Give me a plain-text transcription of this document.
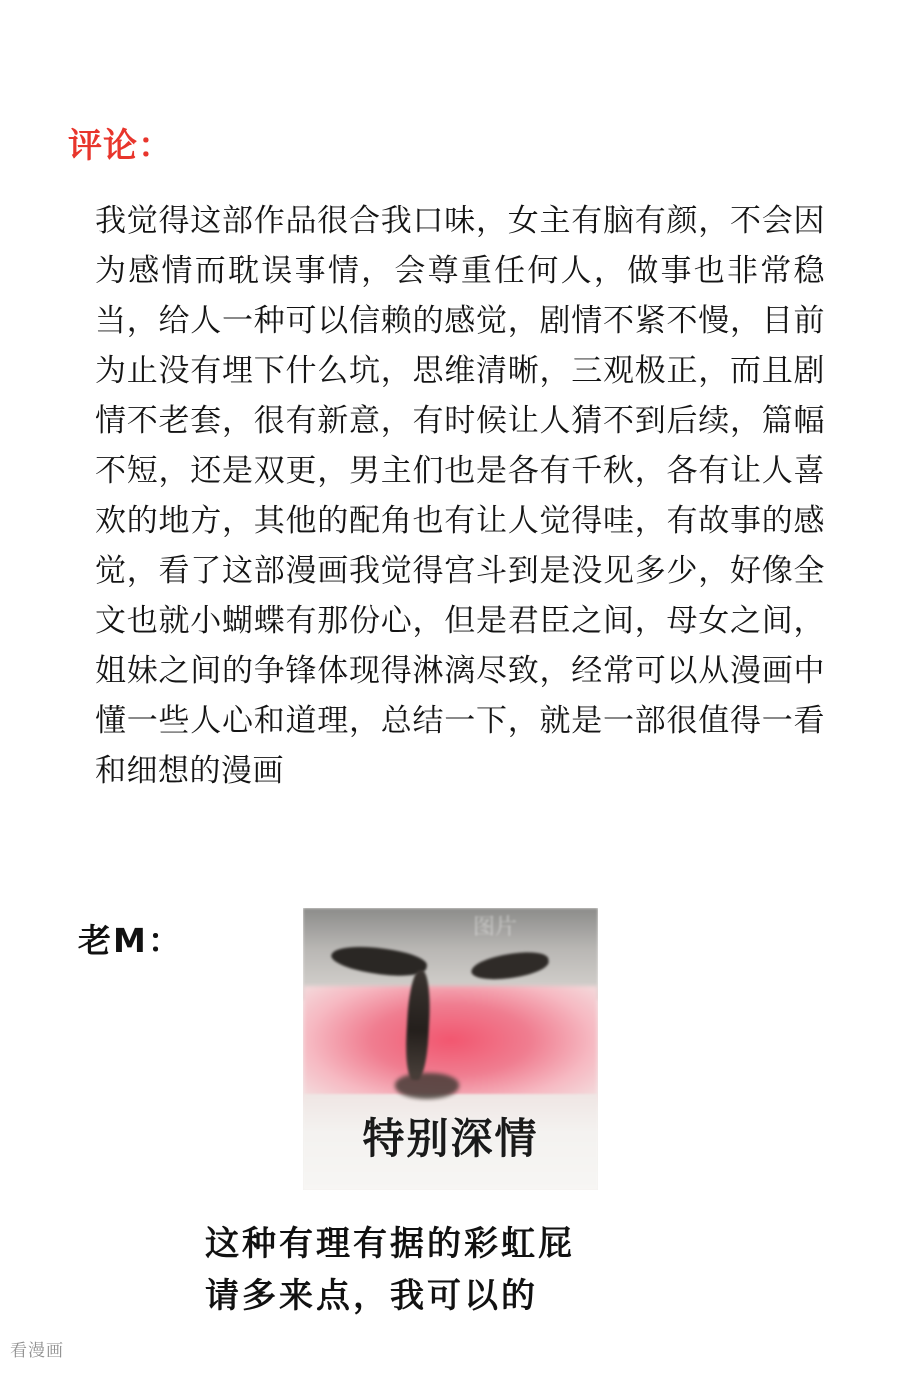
评论：
我觉得这部作品很合我口味，女主有脑有颜，不会因为感情而耽误事情，会尊重任何人，做事也非常稳当，给人一种可以信赖的感觉，剧情不紧不慢，目前为止没有埋下什么坑，思维清晰，三观极正，而且剧情不老套，很有新意，有时候让人猜不到后续，篇幅不短，还是双更，男主们也是各有千秋，各有让人喜欢的地方，其他的配角也有让人觉得哇，有故事的感觉，看了这部漫画我觉得宫斗到是没见多少，好像全文也就小蝴蝶有那份心，但是君臣之间，母女之间，姐妹之间的争锋体现得淋漓尽致，经常可以从漫画中懂一些人心和道理，总结一下，就是一部很值得一看和细想的漫画
老M：	图片
特别深情
这种有理有据的彩虹屁
请多来点，我可以的
看漫画
